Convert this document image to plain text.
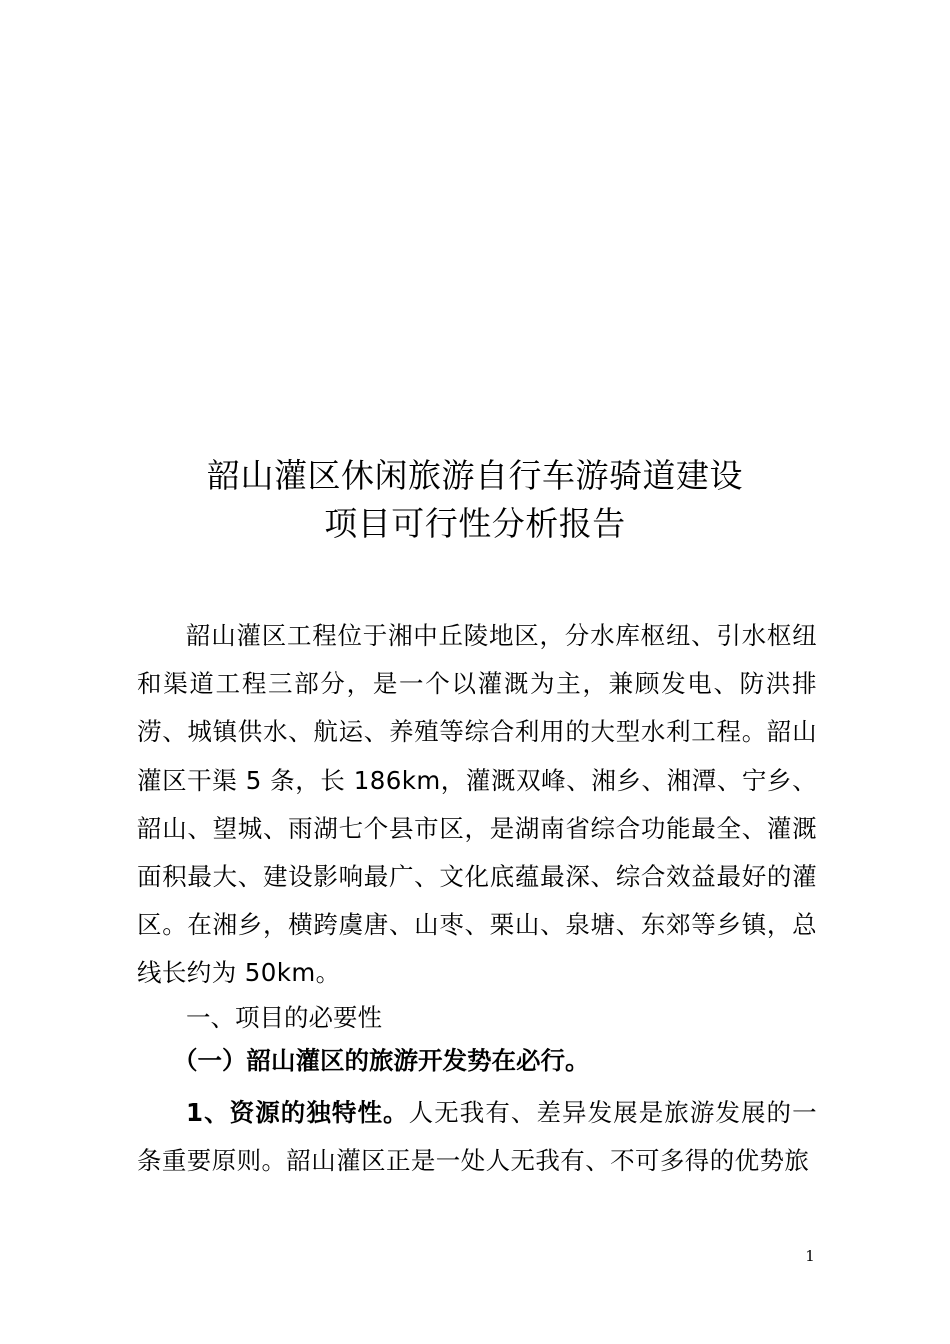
韶山灌区休闲旅游自行车游骑道建设
项目可行性分析报告
韶山灌区工程位于湘中丘陵地区，分水库枢纽、引水枢纽和渠道工程三部分，是一个以灌溉为主，兼顾发电、防洪排涝、城镇供水、航运、养殖等综合利用的大型水利工程。韶山灌区干渠 5 条，长 186km，灌溉双峰、湘乡、湘潭、宁乡、韶山、望城、雨湖七个县市区，是湖南省综合功能最全、灌溉面积最大、建设影响最广、文化底蕴最深、综合效益最好的灌区。在湘乡，横跨虞唐、山枣、栗山、泉塘、东郊等乡镇，总线长约为 50km。
一、项目的必要性
（一）韶山灌区的旅游开发势在必行。
1、资源的独特性。人无我有、差异发展是旅游发展的一条重要原则。韶山灌区正是一处人无我有、不可多得的优势旅
1
